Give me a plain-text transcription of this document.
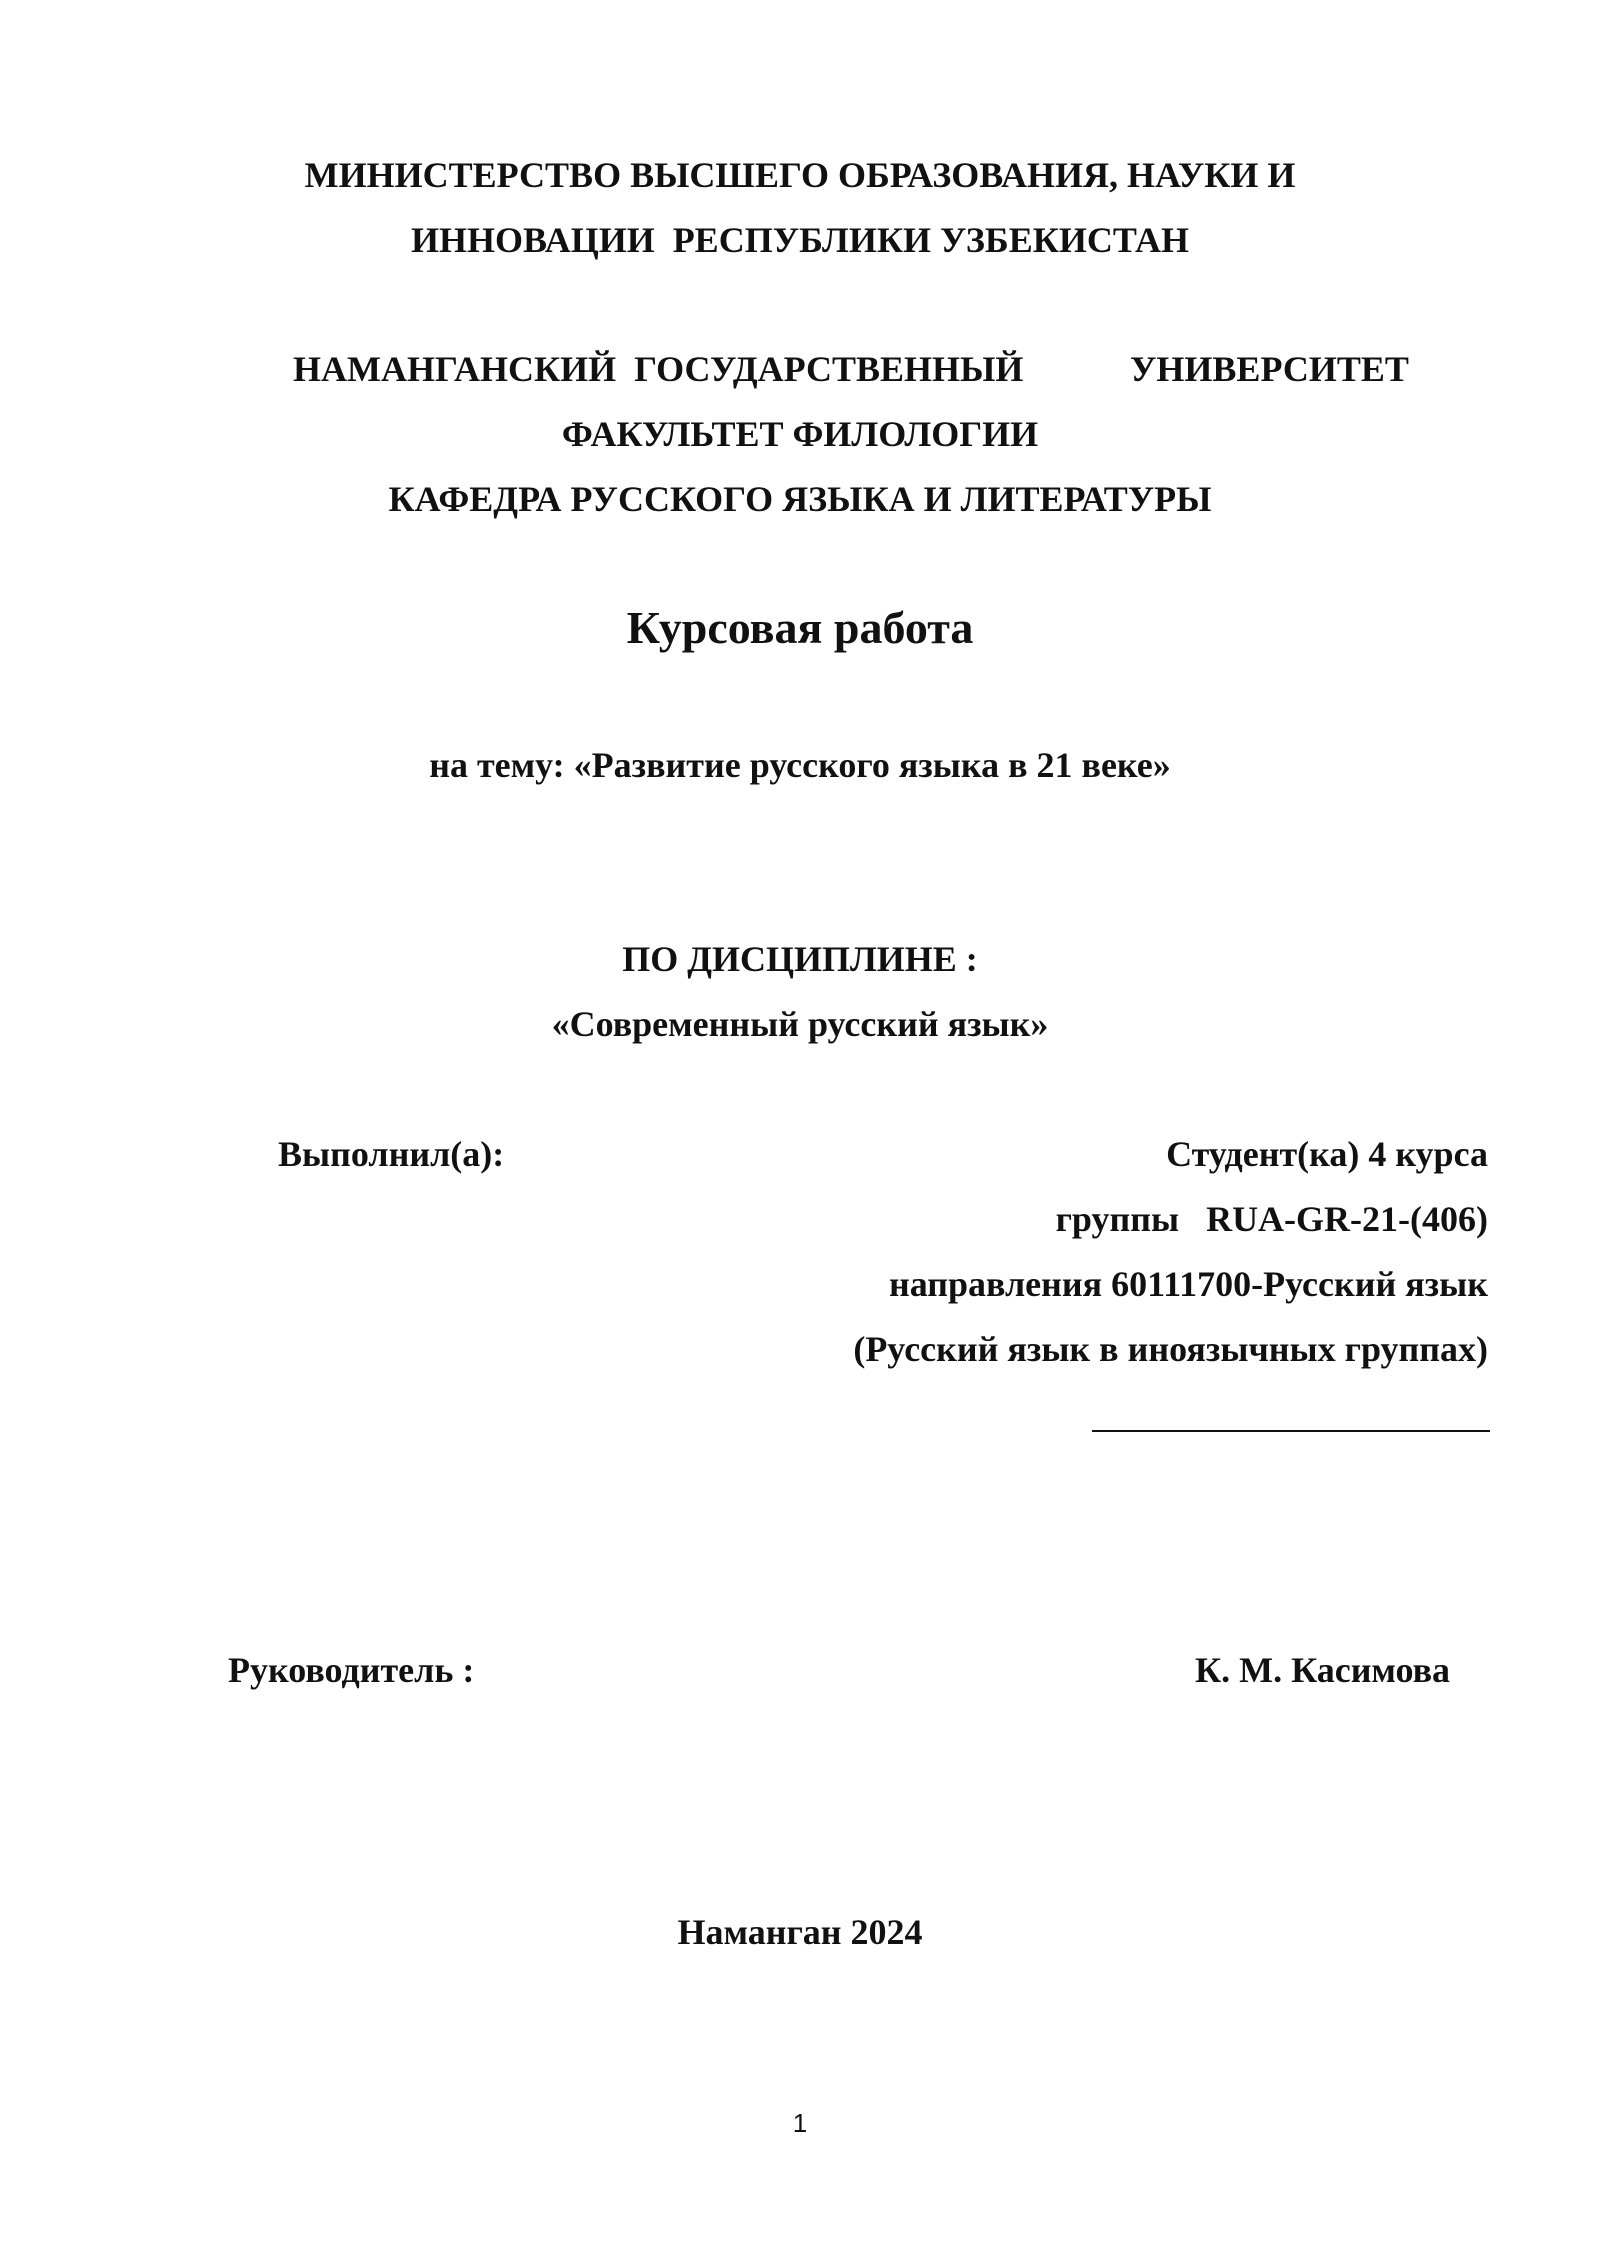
МИНИСТЕРСТВО ВЫСШЕГО ОБРАЗОВАНИЯ, НАУКИ И
ИННОВАЦИИ  РЕСПУБЛИКИ УЗБЕКИСТАН
НАМАНГАНСКИЙ  ГОСУДАРСТВЕННЫЙ	УНИВЕРСИТЕТ
ФАКУЛЬТЕТ ФИЛОЛОГИИ
КАФЕДРА РУССКОГО ЯЗЫКА И ЛИТЕРАТУРЫ
Курсовая работа
на тему: «Развитие русского языка в 21 веке»
ПО ДИСЦИПЛИНЕ :
«Современный русский язык»
Выполнил(а):	Студент(ка) 4 курса
группы   RUA-GR-21-(406)
направления 60111700-Русский язык
(Русский язык в иноязычных группах)
Руководитель :	К. М. Касимова
Наманган 2024
1
